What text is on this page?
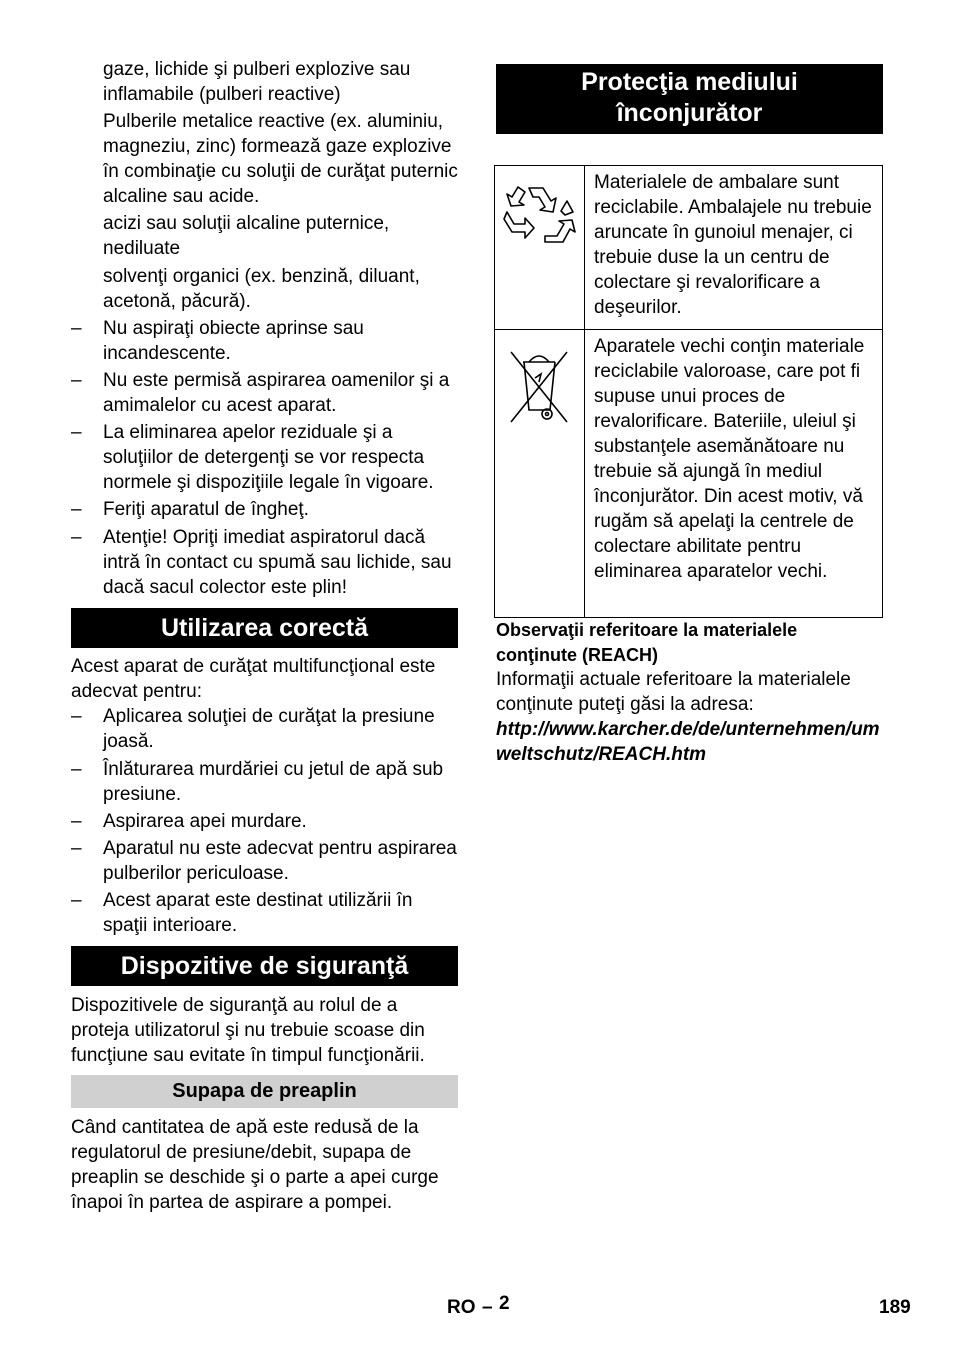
gaze, lichide şi pulberi explozive sau inflamabile (pulberi reactive)
Pulberile metalice reactive (ex. aluminiu, magneziu, zinc) formează gaze explozive în combinaţie cu soluţii de curăţat puternic alcaline sau acide.
acizi sau soluţii alcaline puternice, nediluate
solvenţi organici (ex. benzină, diluant, acetonă, păcură).
– Nu aspiraţi obiecte aprinse sau incandescente.
– Nu este permisă aspirarea oamenilor şi a amimalelor cu acest aparat.
– La eliminarea apelor reziduale şi a soluţiilor de detergenţi se vor respecta normele şi dispoziţiile legale în vigoare.
– Feriţi aparatul de îngheţ.
– Atenţie! Opriţi imediat aspiratorul dacă intră în contact cu spumă sau lichide, sau dacă sacul colector este plin!
Utilizarea corectă
Acest aparat de curăţat multifuncţional este adecvat pentru:
– Aplicarea soluţiei de curăţat la presiune joasă.
– Înlăturarea murdăriei cu jetul de apă sub presiune.
– Aspirarea apei murdare.
– Aparatul nu este adecvat pentru aspirarea pulberilor periculoase.
– Acest aparat este destinat utilizării în spaţii interioare.
Dispozitive de siguranţă
Dispozitivele de siguranţă au rolul de a proteja utilizatorul şi nu trebuie scoase din funcţiune sau evitate în timpul funcţionării.
Supapa de preaplin
Când cantitatea de apă este redusă de la regulatorul de presiune/debit, supapa de preaplin se deschide şi o parte a apei curge înapoi în partea de aspirare a pompei.
Protecţia mediului
înconjurător
	Materialele de ambalare sunt reciclabile. Ambalajele nu trebuie aruncate în gunoiul menajer, ci trebuie duse la un centru de colectare şi revalorificare a deşeurilor.
	Aparatele vechi conţin materiale reciclabile valoroase, care pot fi supuse unui proces de revalorificare. Bateriile, uleiul şi substanţele asemănătoare nu trebuie să ajungă în mediul înconjurător. Din acest motiv, vă rugăm să apelaţi la centrele de colectare abilitate pentru eliminarea aparatelor vechi.
Observaţii referitoare la materialele conţinute (REACH)
Informaţii actuale referitoare la materialele conţinute puteţi găsi la adresa:
http://www.karcher.de/de/unternehmen/umweltschutz/REACH.htm
RO – 2	189
